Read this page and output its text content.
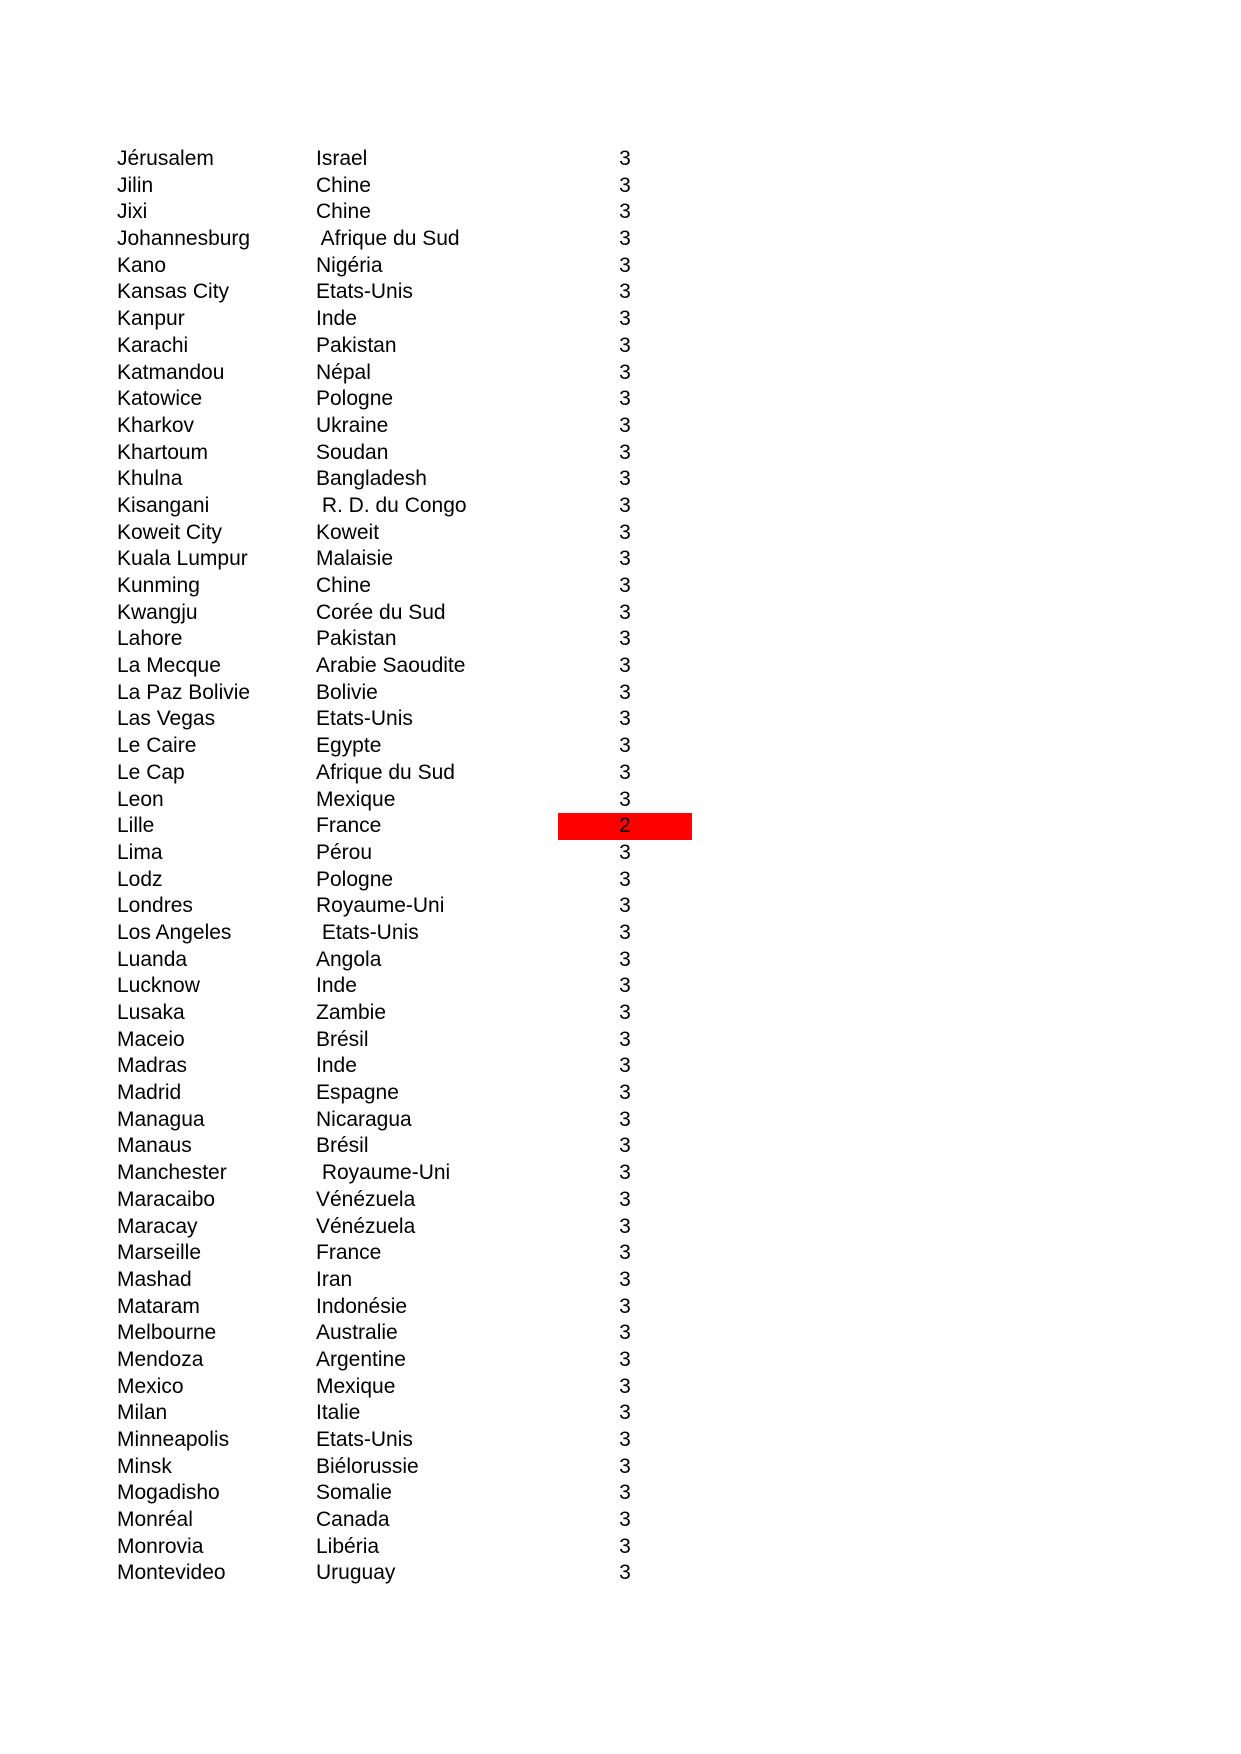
Jérusalem	Israel	3
Jilin	Chine	3
Jixi	Chine	3
Johannesburg	Afrique du Sud	3
Kano	Nigéria	3
Kansas City	Etats-Unis	3
Kanpur	Inde	3
Karachi	Pakistan	3
Katmandou	Népal	3
Katowice	Pologne	3
Kharkov	Ukraine	3
Khartoum	Soudan	3
Khulna	Bangladesh	3
Kisangani	R. D. du Congo	3
Koweit City	Koweit	3
Kuala Lumpur	Malaisie	3
Kunming	Chine	3
Kwangju	Corée du Sud	3
Lahore	Pakistan	3
La Mecque	Arabie Saoudite	3
La Paz Bolivie	Bolivie	3
Las Vegas	Etats-Unis	3
Le Caire	Egypte	3
Le Cap	Afrique du Sud	3
Leon	Mexique	3
Lille	France	2
Lima	Pérou	3
Lodz	Pologne	3
Londres	Royaume-Uni	3
Los Angeles	Etats-Unis	3
Luanda	Angola	3
Lucknow	Inde	3
Lusaka	Zambie	3
Maceio	Brésil	3
Madras	Inde	3
Madrid	Espagne	3
Managua	Nicaragua	3
Manaus	Brésil	3
Manchester	Royaume-Uni	3
Maracaibo	Vénézuela	3
Maracay	Vénézuela	3
Marseille	France	3
Mashad	Iran	3
Mataram	Indonésie	3
Melbourne	Australie	3
Mendoza	Argentine	3
Mexico	Mexique	3
Milan	Italie	3
Minneapolis	Etats-Unis	3
Minsk	Biélorussie	3
Mogadisho	Somalie	3
Monréal	Canada	3
Monrovia	Libéria	3
Montevideo	Uruguay	3
